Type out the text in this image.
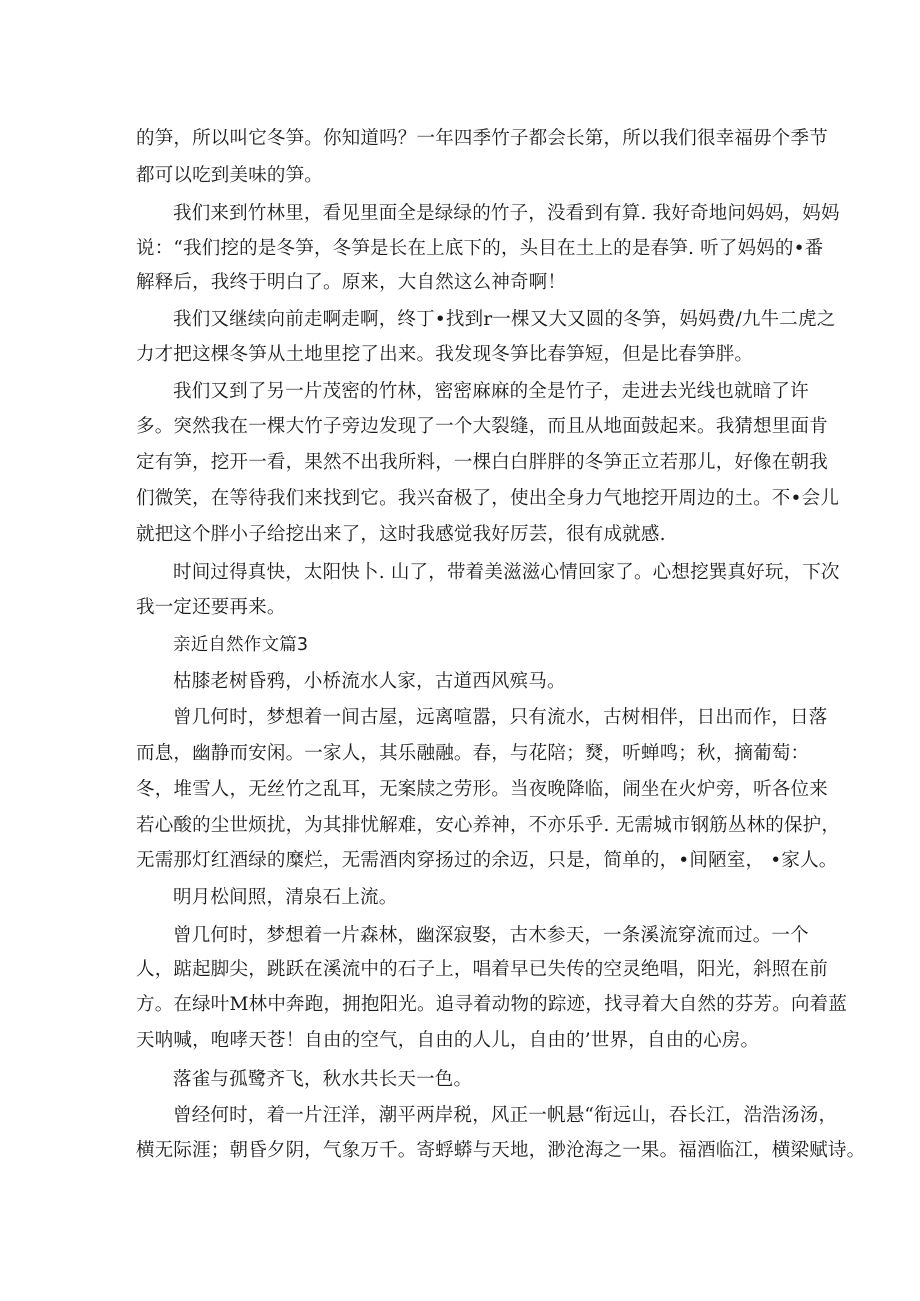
的笋，所以叫它冬笋。你知道吗？一年四季竹子都会长第，所以我们很幸福毋个季节
都可以吃到美味的笋。
我们来到竹林里，看见里面全是绿绿的竹子，没看到有算. 我好奇地问妈妈，妈妈
说：“我们挖的是冬笋，冬笋是长在上底下的，头目在土上的是春笋. 听了妈妈的•番
解释后，我终于明白了。原来，大自然这么神奇啊！
我们又继续向前走啊走啊，终丁•找到r一棵又大又圆的冬笋，妈妈费/九牛二虎之
力才把这棵冬笋从土地里挖了出来。我发现冬笋比春笋短，但是比春笋胖。
我们又到了另一片茂密的竹林，密密麻麻的全是竹子，走进去光线也就暗了许
多。突然我在一棵大竹子旁边发现了一个大裂缝，而且从地面鼓起来。我猜想里面肯
定有笋，挖开一看，果然不出我所料，一棵白白胖胖的冬笋正立若那儿，好像在朝我
们微笑，在等待我们来找到它。我兴奋极了，使出全身力气地挖开周边的土。不•会儿
就把这个胖小子给挖出来了，这时我感觉我好厉芸，很有成就感.
时间过得真快，太阳快卜. 山了，带着美滋滋心情回家了。心想挖巽真好玩，下次
我一定还要再来。
亲近自然作文篇3
枯膝老树昏鸦，小桥流水人家，古道西风殡马。
曾几何时，梦想着一间古屋，远离喧嚣，只有流水，古树相伴，日出而作，日落
而息，幽静而安闲。一家人，其乐融融。春，与花陪；燹，听蝉鸣；秋，摘葡萄：
冬，堆雪人，无丝竹之乱耳，无案牍之劳形。当夜晚降临，闹坐在火炉旁，听各位来
若心酸的尘世烦扰，为其排忧解难，安心养神，不亦乐乎. 无需城市钢筋丛林的保护，
无需那灯红酒绿的糜烂，无需酒肉穿扬过的余迈，只是，简单的，•间陋室， •家人。
明月松间照，清泉石上流。
曾几何时，梦想着一片森林，幽深寂娶，古木参天，一条溪流穿流而过。一个
人，踮起脚尖，跳跃在溪流中的石子上，唱着早已失传的空灵绝唱，阳光，斜照在前
方。在绿叶M林中奔跑，拥抱阳光。追寻着动物的踪迹，找寻着大自然的芬芳。向着蓝
天呐喊，咆哮天苍！自由的空气，自由的人儿，自由的’世界，自由的心房。
落雀与孤鹭齐飞，秋水共长天一色。
曾经何时，着一片汪洋，潮平两岸税，风正一帆悬“衔远山，吞长江，浩浩汤汤，
横无际涯；朝昏夕阴，气象万千。寄蜉蟒与天地，渺沧海之一果。福酒临江，横梁赋诗。
